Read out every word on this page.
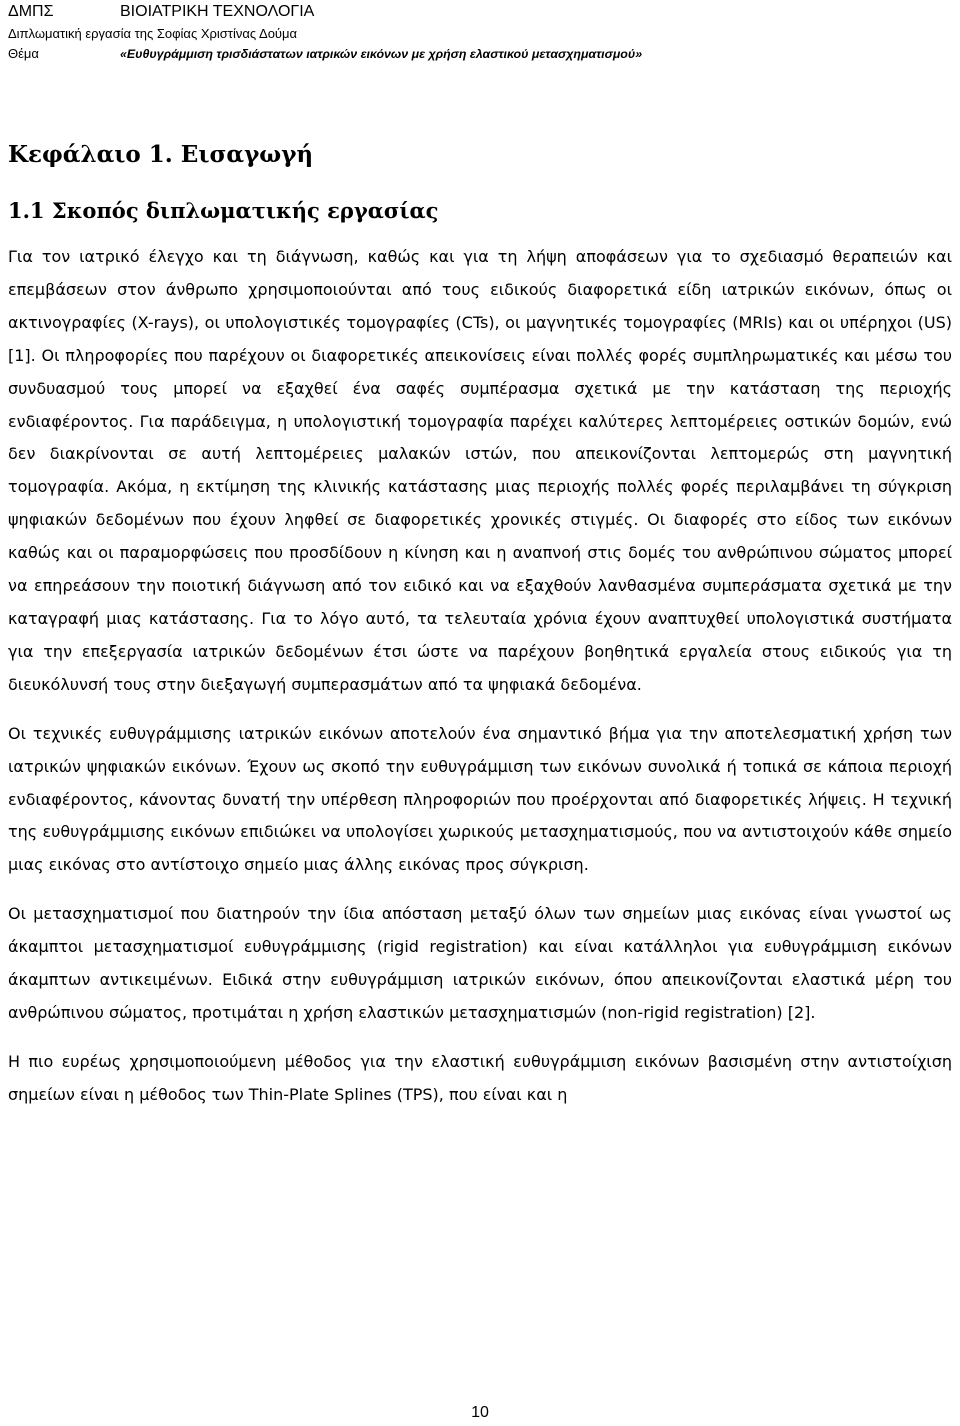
ΔΜΠΣ	ΒΙΟΙΑΤΡΙΚΗ ΤΕΧΝΟΛΟΓΙΑ
Διπλωματική εργασία της Σοφίας Χριστίνας Δούμα
Θέμα	«Ευθυγράμμιση τρισδιάστατων ιατρικών εικόνων με χρήση ελαστικού μετασχηματισμού»
Κεφάλαιο 1. Εισαγωγή
1.1 Σκοπός διπλωματικής εργασίας

Για τον ιατρικό έλεγχο και τη διάγνωση, καθώς και για τη λήψη αποφάσεων για το σχεδιασμό θεραπειών και επεμβάσεων στον άνθρωπο χρησιμοποιούνται από τους ειδικούς διαφορετικά είδη ιατρικών εικόνων, όπως οι ακτινογραφίες (X-rays), οι υπολογιστικές τομογραφίες (CTs), οι μαγνητικές τομογραφίες (MRIs) και οι υπέρηχοι (US)[1]. Οι πληροφορίες που παρέχουν οι διαφορετικές απεικονίσεις είναι πολλές φορές συμπληρωματικές και μέσω του συνδυασμού τους μπορεί να εξαχθεί ένα σαφές συμπέρασμα σχετικά με την κατάσταση της περιοχής ενδιαφέροντος. Για παράδειγμα, η υπολογιστική τομογραφία παρέχει καλύτερες λεπτομέρειες οστικών δομών, ενώ δεν διακρίνονται σε αυτή λεπτομέρειες μαλακών ιστών, που απεικονίζονται λεπτομερώς στη μαγνητική τομογραφία. Ακόμα, η εκτίμηση της κλινικής κατάστασης μιας περιοχής πολλές φορές περιλαμβάνει τη σύγκριση ψηφιακών δεδομένων που έχουν ληφθεί σε διαφορετικές χρονικές στιγμές. Οι διαφορές στο είδος των εικόνων καθώς και οι παραμορφώσεις που προσδίδουν η κίνηση και η αναπνοή στις δομές του ανθρώπινου σώματος μπορεί να επηρεάσουν την ποιοτική διάγνωση από τον ειδικό και να εξαχθούν λανθασμένα συμπεράσματα σχετικά με την καταγραφή μιας κατάστασης. Για το λόγο αυτό, τα τελευταία χρόνια έχουν αναπτυχθεί υπολογιστικά συστήματα για την επεξεργασία ιατρικών δεδομένων έτσι ώστε να παρέχουν βοηθητικά εργαλεία στους ειδικούς για τη διευκόλυνσή τους στην διεξαγωγή συμπερασμάτων από τα ψηφιακά δεδομένα.

Οι τεχνικές ευθυγράμμισης ιατρικών εικόνων αποτελούν ένα σημαντικό βήμα για την αποτελεσματική χρήση των ιατρικών ψηφιακών εικόνων. Έχουν ως σκοπό την ευθυγράμμιση των εικόνων συνολικά ή τοπικά σε κάποια περιοχή ενδιαφέροντος, κάνοντας δυνατή την υπέρθεση πληροφοριών που προέρχονται από διαφορετικές λήψεις. Η τεχνική της ευθυγράμμισης εικόνων επιδιώκει να υπολογίσει χωρικούς μετασχηματισμούς, που να αντιστοιχούν κάθε σημείο μιας εικόνας στο αντίστοιχο σημείο μιας άλλης εικόνας προς σύγκριση.

Οι μετασχηματισμοί που διατηρούν την ίδια απόσταση μεταξύ όλων των σημείων μιας εικόνας είναι γνωστοί ως άκαμπτοι μετασχηματισμοί ευθυγράμμισης (rigid registration) και είναι κατάλληλοι για ευθυγράμμιση εικόνων άκαμπτων αντικειμένων. Ειδικά στην ευθυγράμμιση ιατρικών εικόνων, όπου απεικονίζονται ελαστικά μέρη του ανθρώπινου σώματος, προτιμάται η χρήση ελαστικών μετασχηματισμών (non-rigid registration) [2].

Η πιο ευρέως χρησιμοποιούμενη μέθοδος για την ελαστική ευθυγράμμιση εικόνων βασισμένη στην αντιστοίχιση σημείων είναι η μέθοδος των Thin-Plate Splines (TPS), που είναι και η

10
